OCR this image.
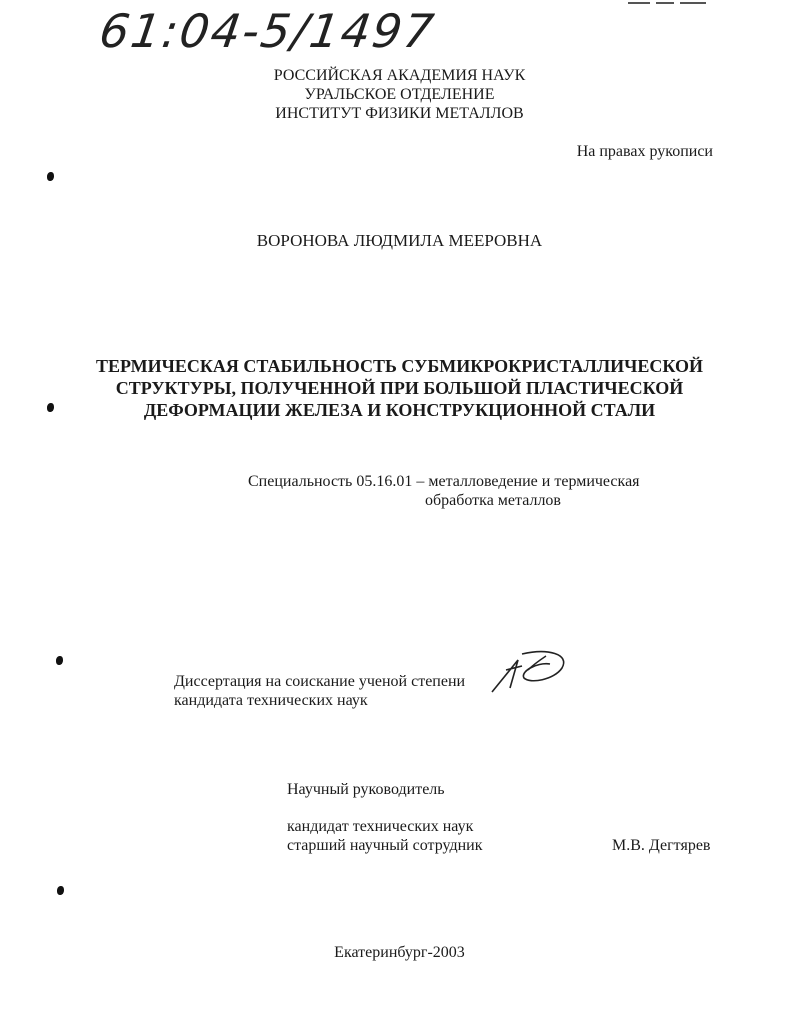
61:04-5/1497
РОССИЙСКАЯ АКАДЕМИЯ НАУК
УРАЛЬСКОЕ ОТДЕЛЕНИЕ
ИНСТИТУТ ФИЗИКИ МЕТАЛЛОВ
На правах рукописи
ВОРОНОВА ЛЮДМИЛА МЕЕРОВНА
ТЕРМИЧЕСКАЯ СТАБИЛЬНОСТЬ СУБМИКРОКРИСТАЛЛИЧЕСКОЙ
СТРУКТУРЫ, ПОЛУЧЕННОЙ ПРИ БОЛЬШОЙ ПЛАСТИЧЕСКОЙ
ДЕФОРМАЦИИ ЖЕЛЕЗА И КОНСТРУКЦИОННОЙ СТАЛИ
Специальность 05.16.01 – металловедение и термическая
обработка металлов
Диссертация на соискание ученой степени
кандидата технических наук
Научный руководитель
кандидат технических наук
старший научный сотрудник	М.В. Дегтярев
Екатеринбург-2003
